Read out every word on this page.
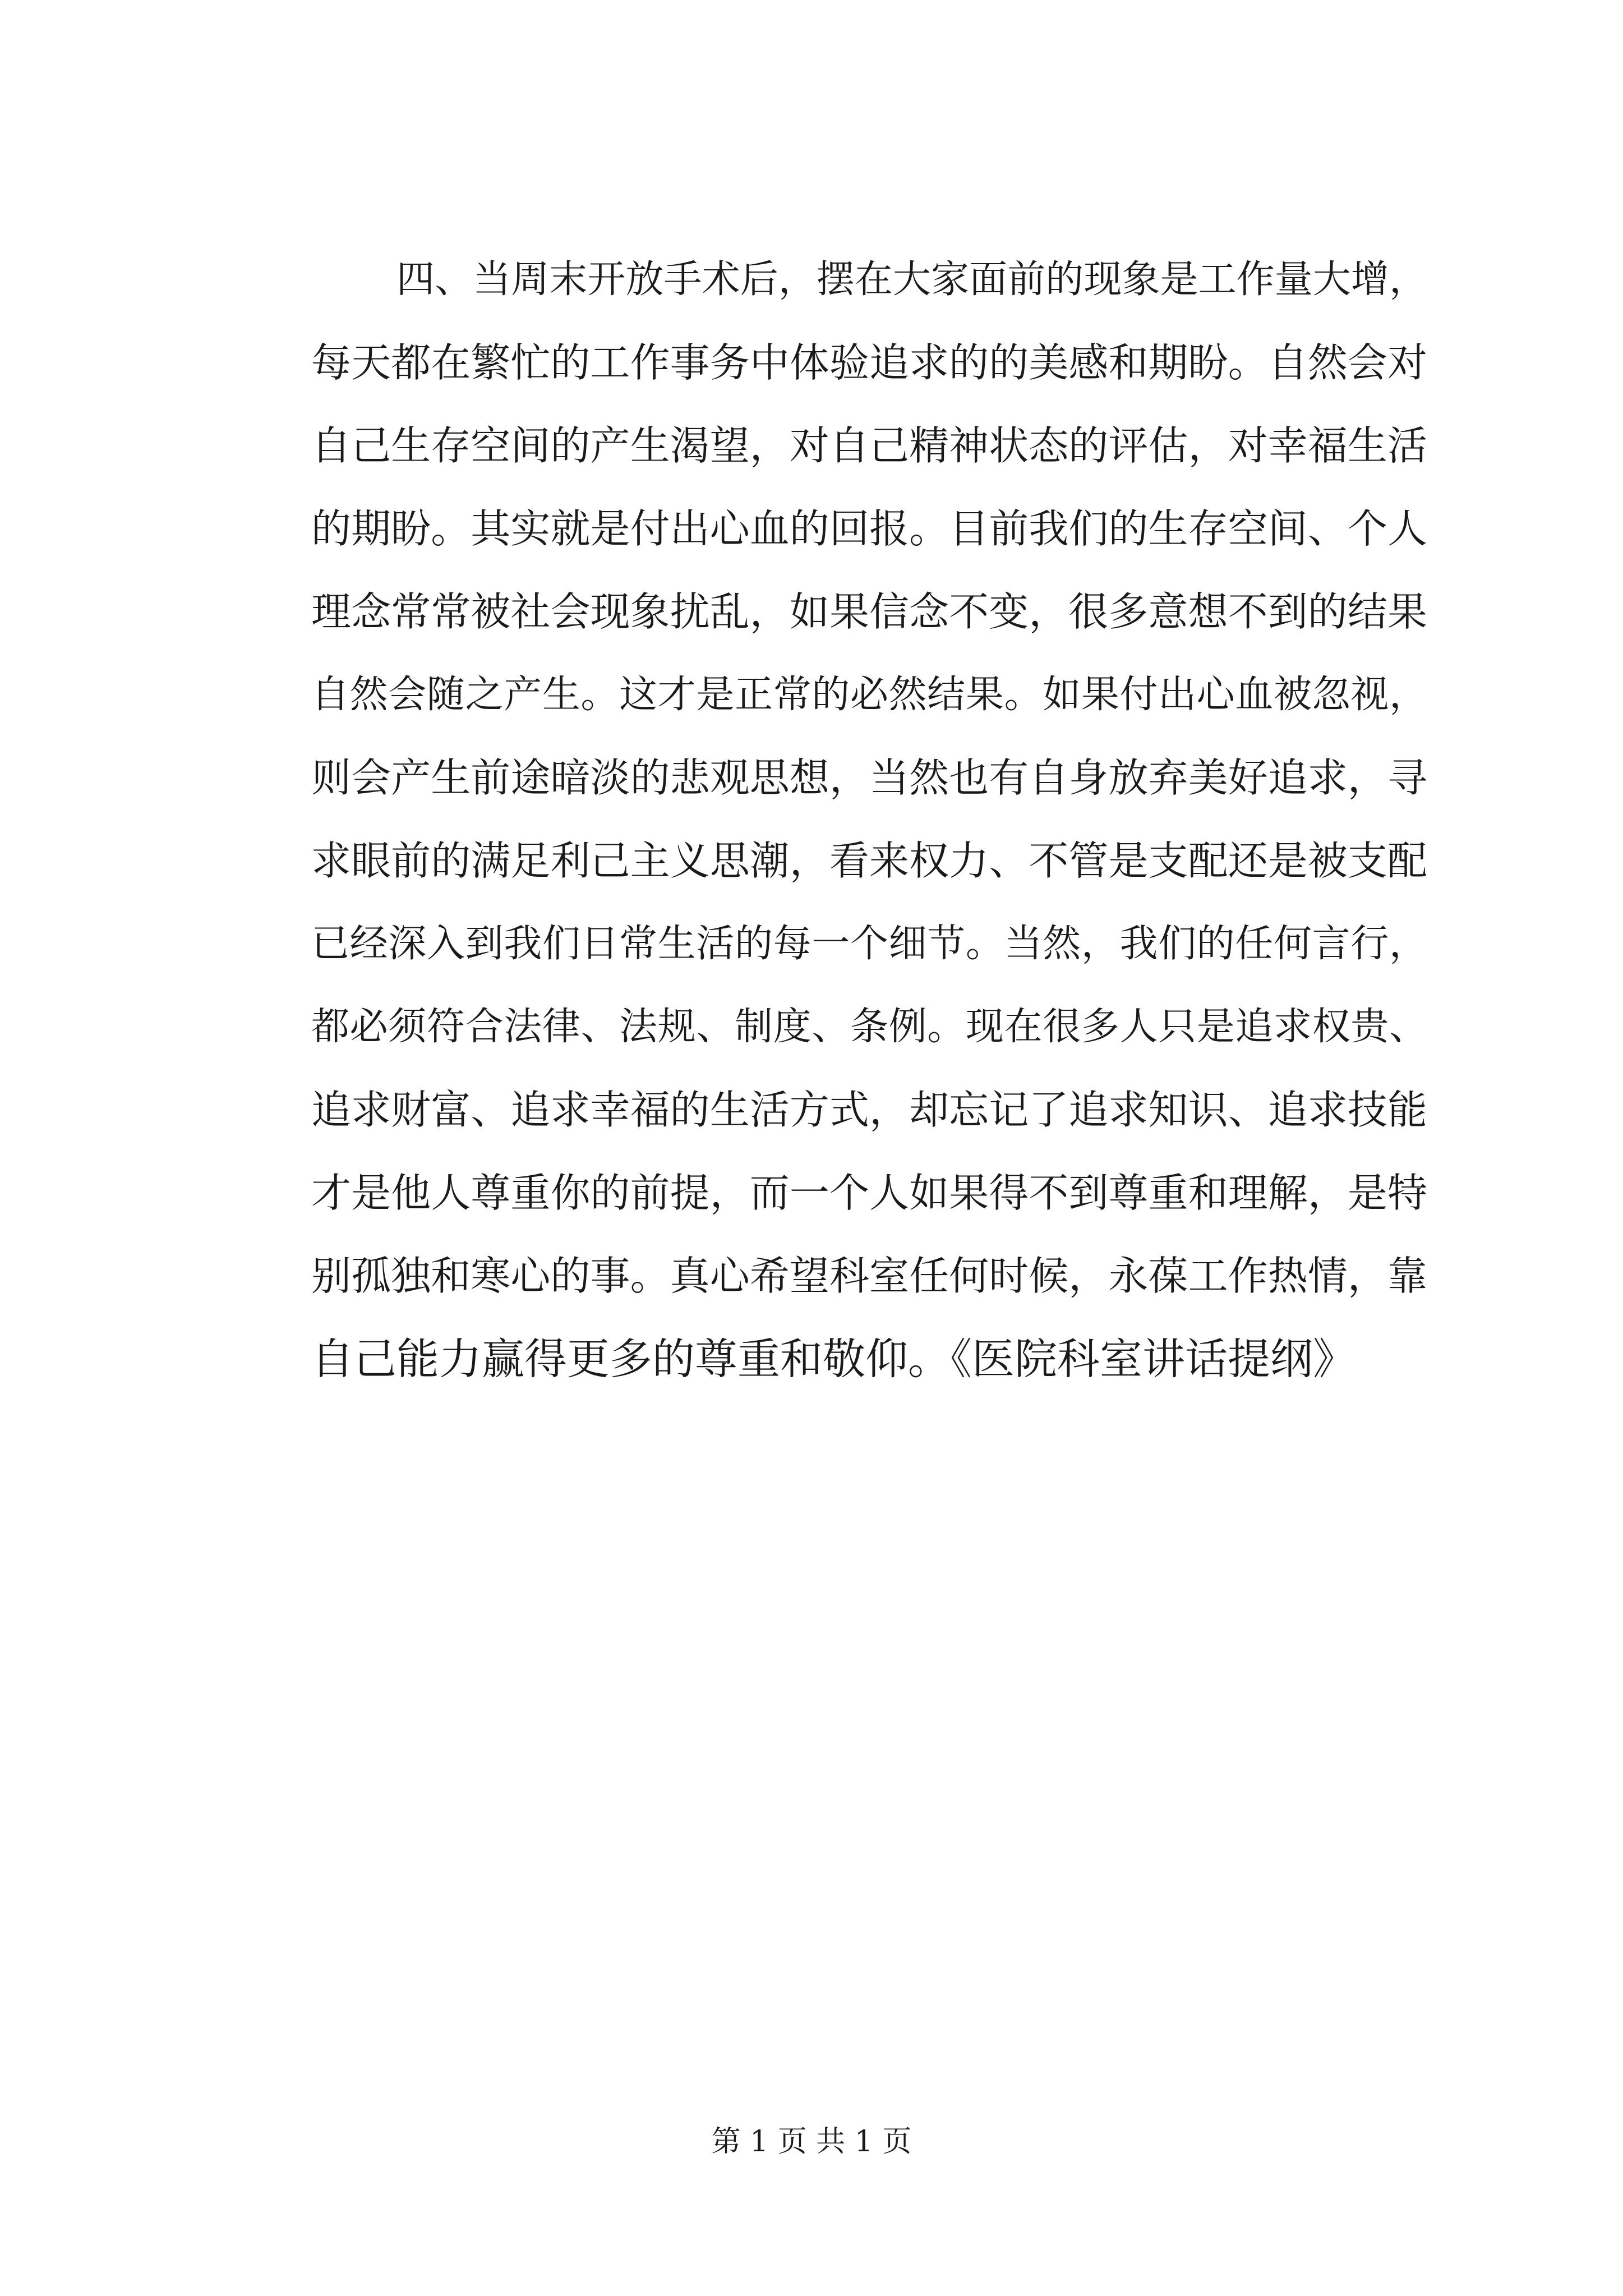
四、当周末开放手术后，摆在大家面前的现象是工作量大增，
每天都在繁忙的工作事务中体验追求的的美感和期盼。自然会对
自己生存空间的产生渴望，对自己精神状态的评估，对幸福生活
的期盼。其实就是付出心血的回报。目前我们的生存空间、个人
理念常常被社会现象扰乱，如果信念不变，很多意想不到的结果
自然会随之产生。这才是正常的必然结果。如果付出心血被忽视，
则会产生前途暗淡的悲观思想，当然也有自身放弃美好追求，寻
求眼前的满足利己主义思潮，看来权力、不管是支配还是被支配
已经深入到我们日常生活的每一个细节。当然，我们的任何言行，
都必须符合法律、法规、制度、条例。现在很多人只是追求权贵、
追求财富、追求幸福的生活方式，却忘记了追求知识、追求技能
才是他人尊重你的前提，而一个人如果得不到尊重和理解，是特
别孤独和寒心的事。真心希望科室任何时候，永葆工作热情，靠
自己能力赢得更多的尊重和敬仰。《医院科室讲话提纲》
第 1 页 共 1 页
